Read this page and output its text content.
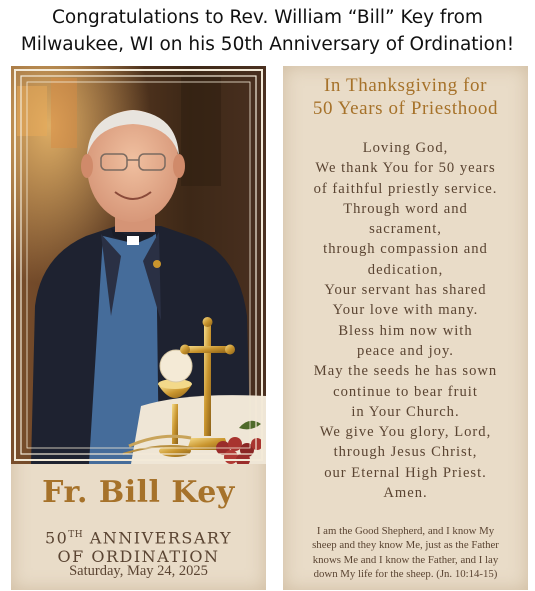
Congratulations to Rev. William “Bill” Key from
Milwaukee, WI on his 50th Anniversary of Ordination!
Fr. Bill Key
50TH ANNIVERSARY
OF ORDINATION
Saturday, May 24, 2025
In Thanksgiving for
50 Years of Priesthood
Loving God,
We thank You for 50 years
of faithful priestly service.
Through word and
sacrament,
through compassion and
dedication,
Your servant has shared
Your love with many.
Bless him now with
peace and joy.
May the seeds he has sown
continue to bear fruit
in Your Church.
We give You glory, Lord,
through Jesus Christ,
our Eternal High Priest.
Amen.
I am the Good Shepherd, and I know My
sheep and they know Me, just as the Father
knows Me and I know the Father, and I lay
down My life for the sheep. (Jn. 10:14-15)
